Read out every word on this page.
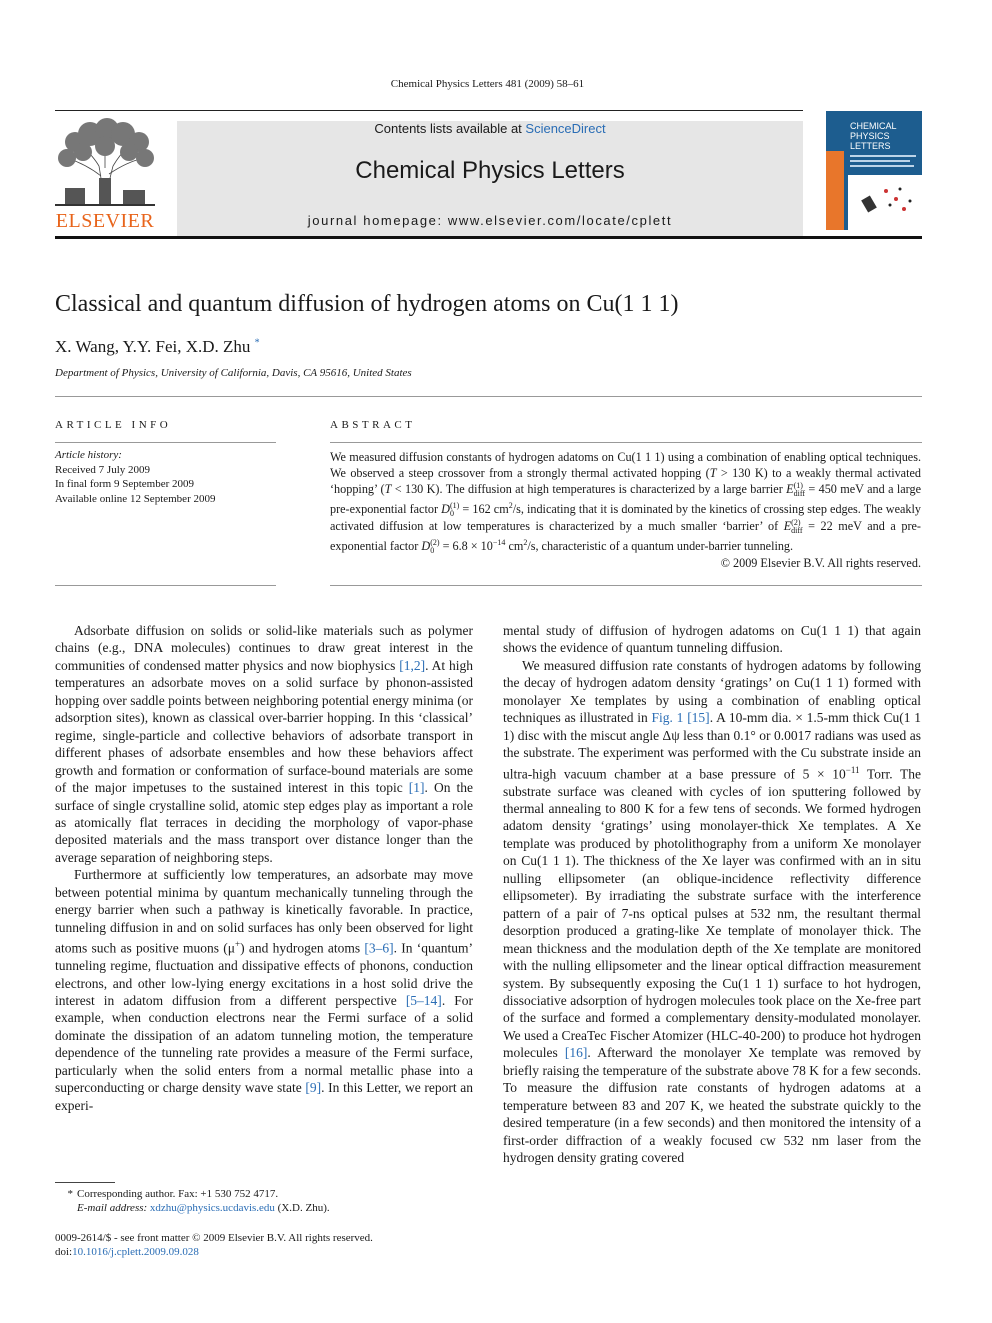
Chemical Physics Letters 481 (2009) 58–61
ELSEVIER
Contents lists available at ScienceDirect
Chemical Physics Letters
journal homepage: www.elsevier.com/locate/cplett
CHEMICAL
PHYSICS
LETTERS
Classical and quantum diffusion of hydrogen atoms on Cu(1 1 1)
X. Wang, Y.Y. Fei, X.D. Zhu *
Department of Physics, University of California, Davis, CA 95616, United States
ARTICLE INFO	ABSTRACT
Article history:
Received 7 July 2009
In final form 9 September 2009
Available online 12 September 2009

We measured diffusion constants of hydrogen adatoms on Cu(1 1 1) using a combination of enabling optical techniques. We observed a steep crossover from a strongly thermal activated hopping (T > 130 K) to a weakly thermal activated ‘hopping’ (T < 130 K). The diffusion at high temperatures is characterized by a large barrier E (1)
diff = 450 meV and a large pre-exponential factor D (1)
0 = 162 $cm^2/s$, indicating that it is dominated by the kinetics of crossing step edges. The weakly activated diffusion at low temperatures is characterized by a much smaller ‘barrier’ of E (2)
diff = 22 meV and a pre-exponential factor D (2)
$0 = 6.8 \times 10^{-14}$ $cm^2/s$, characteristic of a quantum under-barrier tunneling.

© 2009 Elsevier B.V. All rights reserved.

Adsorbate diffusion on solids or solid-like materials such as polymer chains (e.g., DNA molecules) continues to draw great interest in the communities of condensed matter physics and now biophysics [1,2]. At high temperatures an adsorbate moves on a solid surface by phonon-assisted hopping over saddle points between neighboring potential energy minima (or adsorption sites), known as classical over-barrier hopping. In this ‘classical’ regime, single-particle and collective behaviors of adsorbate transport in different phases of adsorbate ensembles and how these behaviors affect growth and formation or conformation of surface-bound materials are some of the major impetuses to the sustained interest in this topic [1]. On the surface of single crystalline solid, atomic step edges play as important a role as atomically flat terraces in deciding the morphology of vapor-phase deposited materials and the mass transport over distance longer than the average separation of neighboring steps.

Furthermore at sufficiently low temperatures, an adsorbate may move between potential minima by quantum mechanically tunneling through the energy barrier when such a pathway is kinetically favorable. In practice, tunneling diffusion in and on solid surfaces has only been observed for light atoms such as positive muons (μ+) and hydrogen atoms [3–6]. In ‘quantum’ tunneling regime, fluctuation and dissipative effects of phonons, conduction electrons, and other low-lying energy excitations in a host solid drive the interest in adatom diffusion from a different perspective [5–14]. For example, when conduction electrons near the Fermi surface of a solid dominate the dissipation of an adatom tunneling motion, the temperature dependence of the tunneling rate provides a measure of the Fermi surface, particularly when the solid enters from a normal metallic phase into a superconducting or charge density wave state [9]. In this Letter, we report an experi-

mental study of diffusion of hydrogen adatoms on Cu(1 1 1) that again shows the evidence of quantum tunneling diffusion.

We measured diffusion rate constants of hydrogen adatoms by following the decay of hydrogen adatom density ‘gratings’ on Cu(1 1 1) formed with monolayer Xe templates by using a combination of enabling optical techniques as illustrated in Fig. 1 [15]. A 10-mm dia. × 1.5-mm thick Cu(1 1 1) disc with the miscut angle Δψ less than 0.1° or 0.0017 radians was used as the substrate. The experiment was performed with the Cu substrate inside an ultra-high vacuum chamber at a base pressure of $5 \times 10^{-11}$ Torr. The substrate surface was cleaned with cycles of ion sputtering followed by thermal annealing to 800 K for a few tens of seconds. We formed hydrogen adatom density ‘gratings’ using monolayer-thick Xe templates. A Xe template was produced by photolithography from a uniform Xe monolayer on Cu(1 1 1). The thickness of the Xe layer was confirmed with an in situ nulling ellipsometer (an oblique-incidence reflectivity difference ellipsometer). By irradiating the substrate surface with the interference pattern of a pair of 7-ns optical pulses at 532 nm, the resultant thermal desorption produced a grating-like Xe template of monolayer thick. The mean thickness and the modulation depth of the Xe template are monitored with the nulling ellipsometer and the linear optical diffraction measurement system. By subsequently exposing the Cu(1 1 1) surface to hot hydrogen, dissociative adsorption of hydrogen molecules took place on the Xe-free part of the surface and formed a complementary density-modulated monolayer. We used a CreaTec Fischer Atomizer (HLC-40-200) to produce hot hydrogen molecules [16]. Afterward the monolayer Xe template was removed by briefly raising the temperature of the substrate above 78 K for a few seconds. To measure the diffusion rate constants of hydrogen adatoms at a temperature between 83 and 207 K, we heated the substrate quickly to the desired temperature (in a few seconds) and then monitored the intensity of a first-order diffraction of a weakly focused cw 532 nm laser from the hydrogen density grating covered

* Corresponding author. Fax: +1 530 752 4717.
E-mail address: xdzhu@physics.ucdavis.edu (X.D. Zhu).
0009-2614/$ - see front matter © 2009 Elsevier B.V. All rights reserved.
doi:10.1016/j.cplett.2009.09.028
